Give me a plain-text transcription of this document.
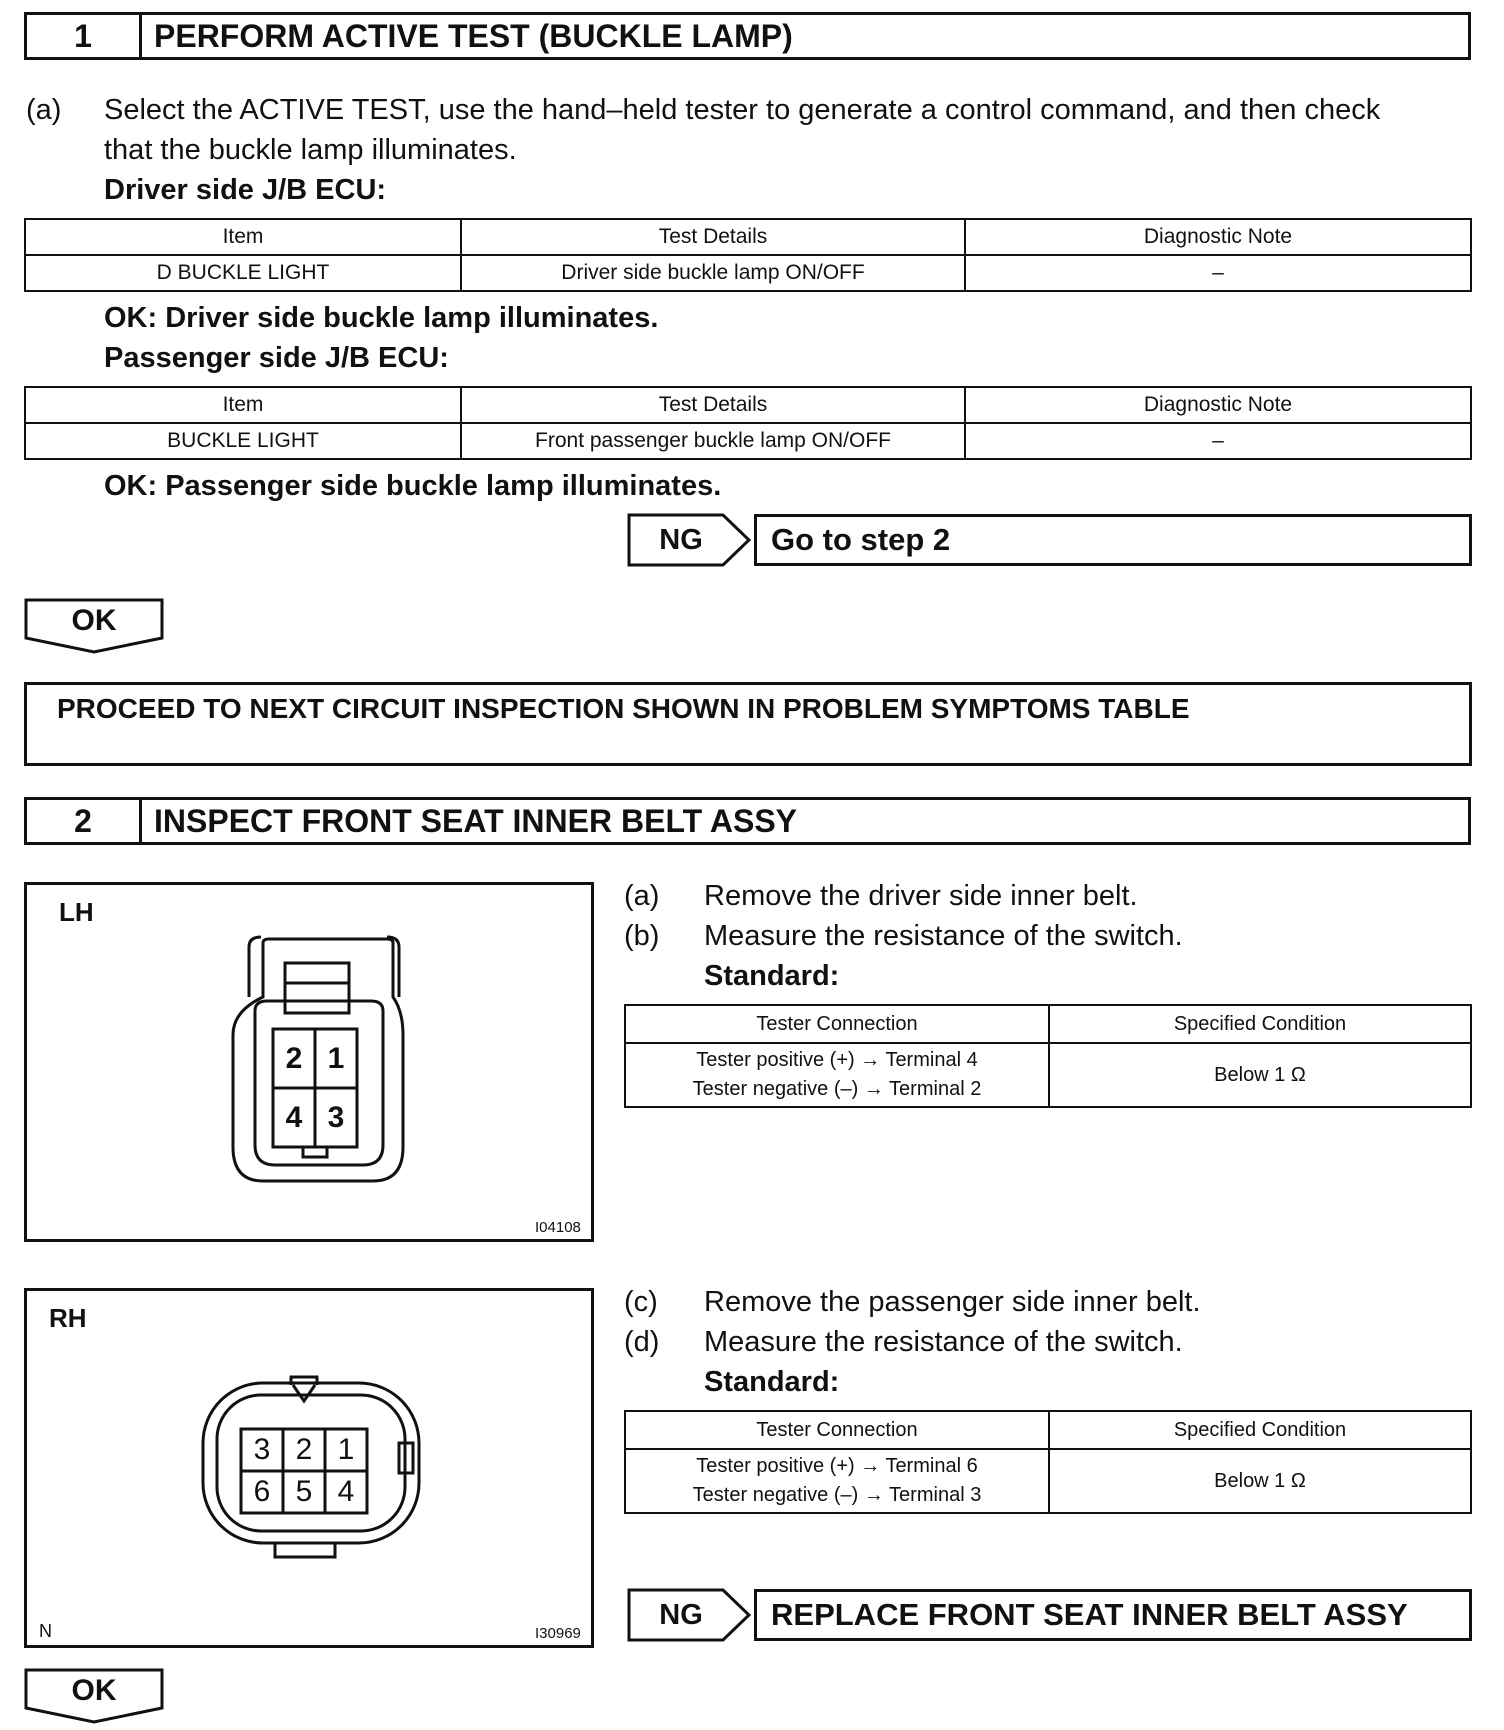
1	PERFORM ACTIVE TEST (BUCKLE LAMP)
(a) Select the ACTIVE TEST, use the hand–held tester to generate a control command, and then check
that the buckle lamp illuminates.
Driver side J/B ECU:
Item	Test Details	Diagnostic Note
D BUCKLE LIGHT	Driver side buckle lamp ON/OFF	–
OK: Driver side buckle lamp illuminates.
Passenger side J/B ECU:
Item	Test Details	Diagnostic Note
BUCKLE LIGHT	Front passenger buckle lamp ON/OFF	–
OK: Passenger side buckle lamp illuminates.
NG	Go to step 2
OK
PROCEED TO NEXT CIRCUIT INSPECTION SHOWN IN PROBLEM SYMPTOMS TABLE
2	INSPECT FRONT SEAT INNER BELT ASSY
LH
2 1
4 3
I04108
(a) Remove the driver side inner belt.
(b) Measure the resistance of the switch.
Standard:
Tester Connection	Specified Condition

Tester positive (+) → Terminal 4
Tester negative (–) → Terminal 2	Below 1 Ω
RH
3 2 1
6 5 4
N	I30969
(c) Remove the passenger side inner belt.
(d) Measure the resistance of the switch.
Standard:
Tester Connection	Specified Condition

Tester positive (+) → Terminal 6
Tester negative (–) → Terminal 3	Below 1 Ω
NG	REPLACE FRONT SEAT INNER BELT ASSY
OK
